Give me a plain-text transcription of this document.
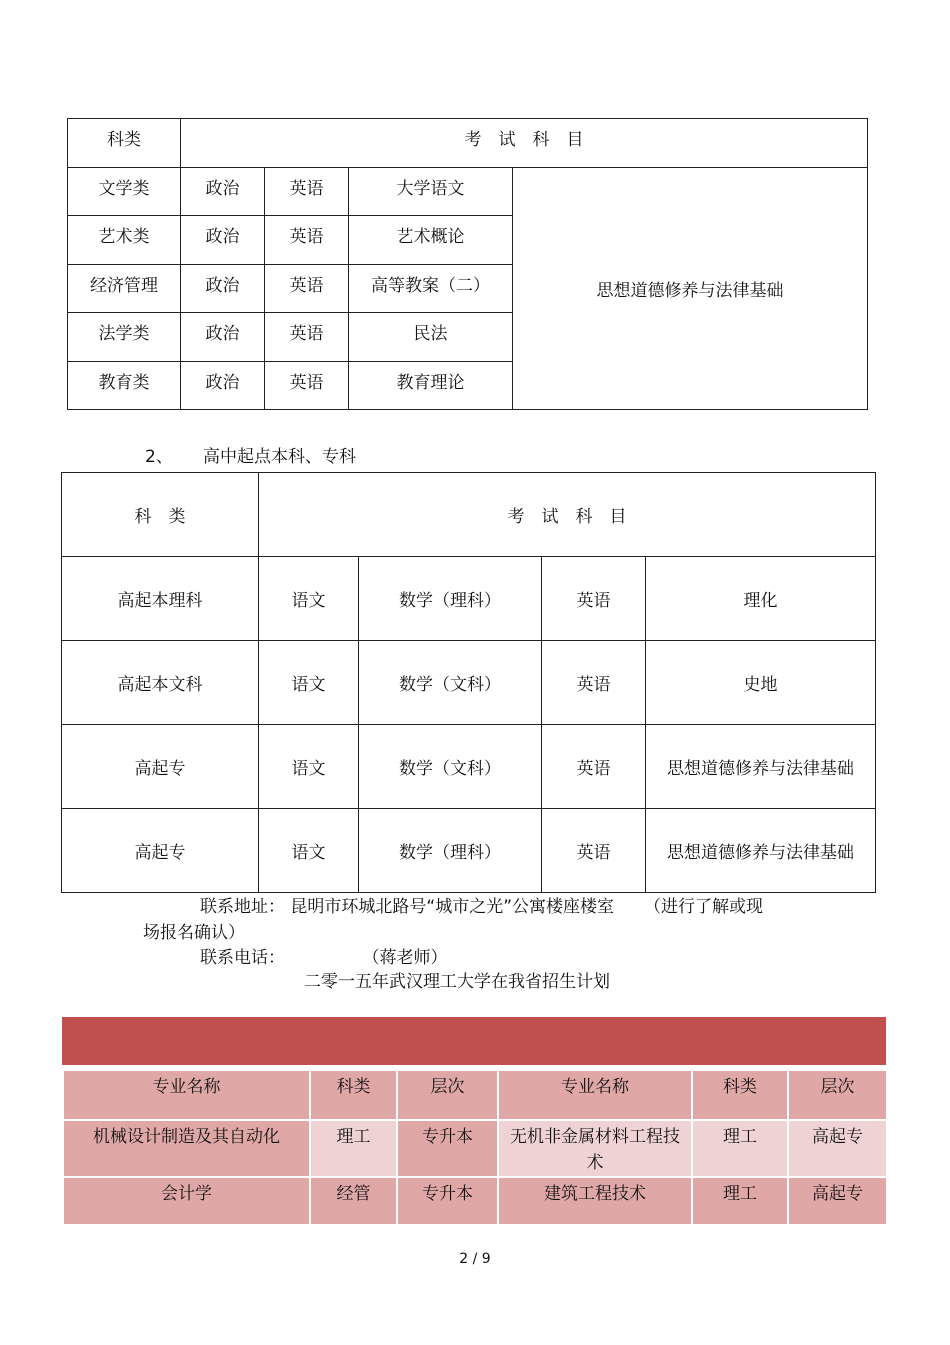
科类	考　试　科　目			
文学类	政治	英语	大学语文	思想道德修养与法律基础
艺术类	政治	英语	艺术概论	
经济管理	政治	英语	高等教案（二）	
法学类	政治	英语	民法	
教育类	政治	英语	教育理论	
2、 高中起点本科、专科
科　类	考　试　科　目			
高起本理科	语文	数学（理科）	英语	理化
高起本文科	语文	数学（文科）	英语	史地
高起专	语文	数学（文科）	英语	思想道德修养与法律基础
高起专	语文	数学（理科）	英语	思想道德修养与法律基础
联系地址： 昆明市环城北路号“城市之光”公寓楼座楼室 （进行了解或现
场报名确认）
联系电话：	（蒋老师）
二零一五年武汉理工大学在我省招生计划
专业名称	科类	层次	专业名称	科类	层次
机械设计制造及其自动化	理工	专升本	无机非金属材料工程技术	理工	高起专
会计学	经管	专升本	建筑工程技术	理工	高起专
2 / 9
